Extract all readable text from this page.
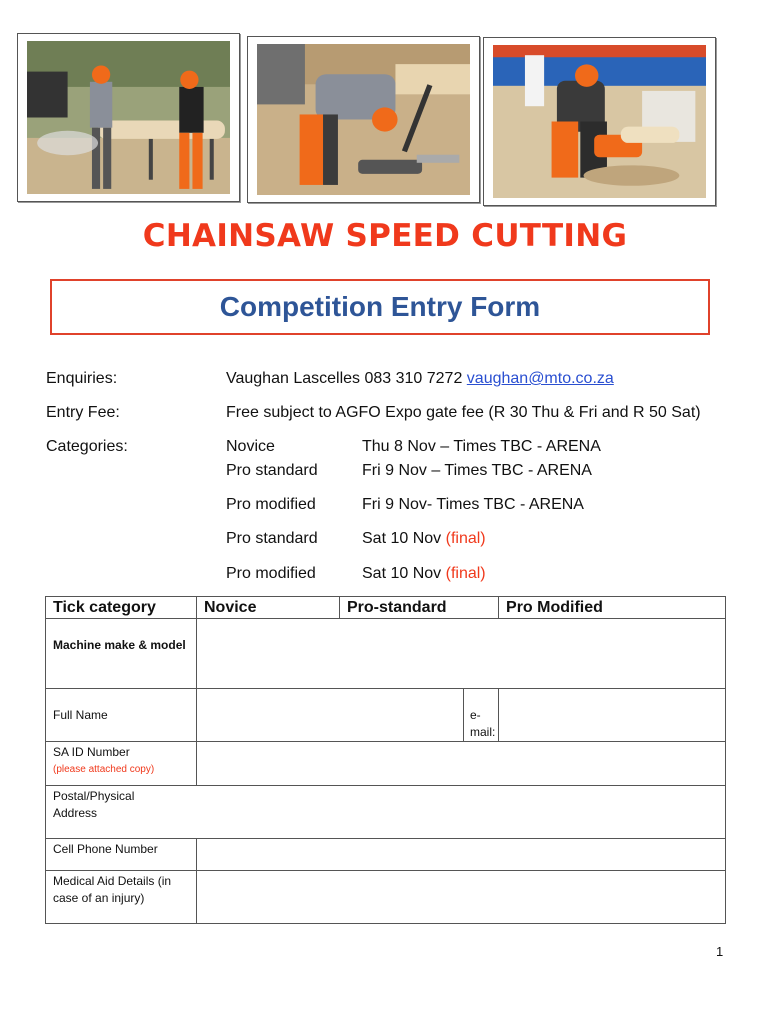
CHAINSAW SPEED CUTTING
Competition Entry Form
Enquiries:	Vaughan Lascelles 083 310 7272 vaughan@mto.co.za
Entry Fee:	Free subject to AGFO Expo gate fee (R 30 Thu & Fri and R 50 Sat)
Categories:	Novice	Thu 8 Nov – Times TBC - ARENA
Pro standard	Fri 9 Nov – Times TBC - ARENA
Pro modified	Fri 9 Nov- Times TBC - ARENA
Pro standard	Sat 10 Nov (final)
Pro modified	Sat 10 Nov (final)
Tick category	Novice	Pro-standard		Pro Modified
Machine make & model				
Full Name			e-mail:	

SA ID Number
(please attached copy)				

Postal/Physical Address				
Cell Phone Number				
Medical Aid Details (in case of an injury)				
1
